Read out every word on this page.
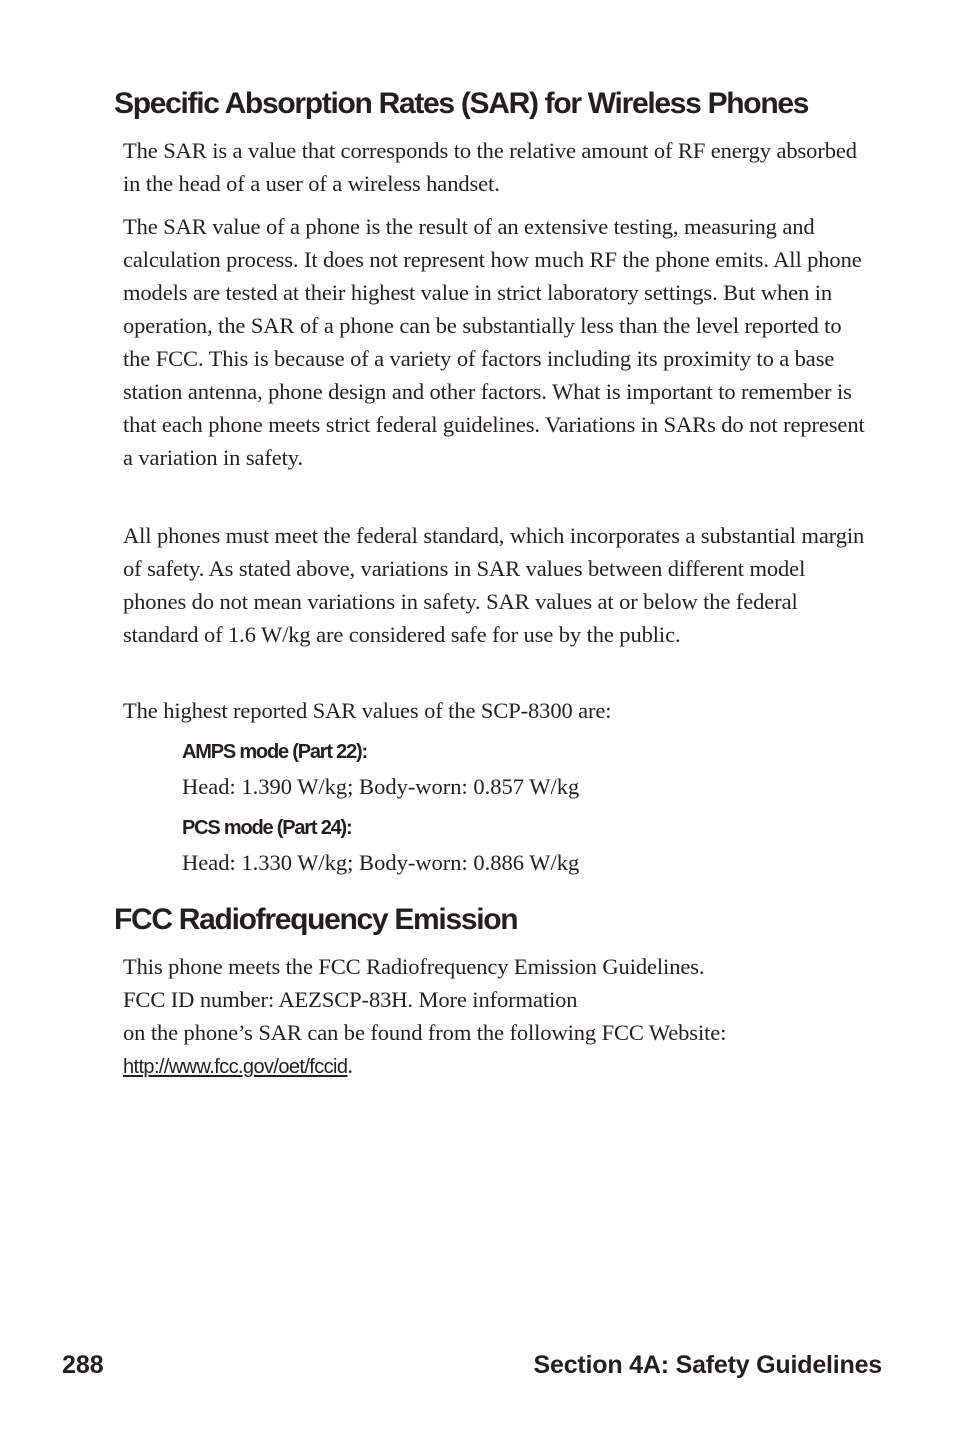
Specific Absorption Rates (SAR) for Wireless Phones

The SAR is a value that corresponds to the relative amount of RF energy absorbed in the head of a user of a wireless handset.

The SAR value of a phone is the result of an extensive testing, measuring and calculation process. It does not represent how much RF the phone emits. All phone models are tested at their highest value in strict laboratory settings. But when in operation, the SAR of a phone can be substantially less than the level reported to the FCC. This is because of a variety of factors including its proximity to a base station antenna, phone design and other factors. What is important to remember is that each phone meets strict federal guidelines. Variations in SARs do not represent a variation in safety.

All phones must meet the federal standard, which incorporates a substantial margin of safety. As stated above, variations in SAR values between different model phones do not mean variations in safety. SAR values at or below the federal standard of 1.6 W/kg are considered safe for use by the public.

The highest reported SAR values of the SCP-8300 are:

AMPS mode (Part 22):

Head: 1.390 W/kg; Body-worn: 0.857 W/kg

PCS mode (Part 24):

Head: 1.330 W/kg; Body-worn: 0.886 W/kg

FCC Radiofrequency Emission
This phone meets the FCC Radiofrequency Emission Guidelines.
FCC ID number: AEZSCP-83H. More information
on the phone’s SAR can be found from the following FCC Website:
http://www.fcc.gov/oet/fccid.

288	Section 4A: Safety Guidelines
